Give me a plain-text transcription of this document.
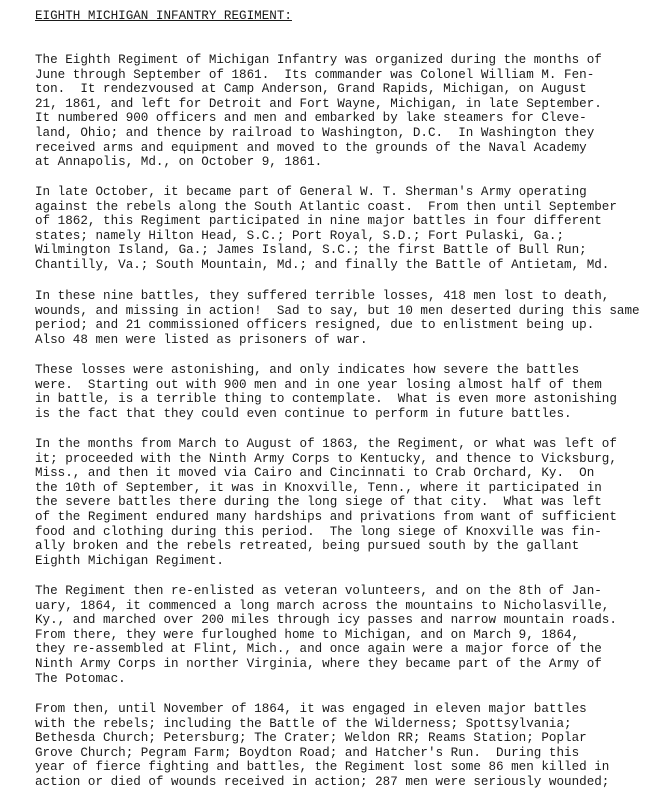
EIGHTH MICHIGAN INFANTRY REGIMENT:
The Eighth Regiment of Michigan Infantry was organized during the months of
June through September of 1861.  Its commander was Colonel William M. Fen-
ton.  It rendezvoused at Camp Anderson, Grand Rapids, Michigan, on August
21, 1861, and left for Detroit and Fort Wayne, Michigan, in late September.
It numbered 900 officers and men and embarked by lake steamers for Cleve-
land, Ohio; and thence by railroad to Washington, D.C.  In Washington they
received arms and equipment and moved to the grounds of the Naval Academy
at Annapolis, Md., on October 9, 1861.
In late October, it became part of General W. T. Sherman's Army operating
against the rebels along the South Atlantic coast.  From then until September
of 1862, this Regiment participated in nine major battles in four different
states; namely Hilton Head, S.C.; Port Royal, S.D.; Fort Pulaski, Ga.;
Wilmington Island, Ga.; James Island, S.C.; the first Battle of Bull Run;
Chantilly, Va.; South Mountain, Md.; and finally the Battle of Antietam, Md.
In these nine battles, they suffered terrible losses, 418 men lost to death,
wounds, and missing in action!  Sad to say, but 10 men deserted during this same
period; and 21 commissioned officers resigned, due to enlistment being up.
Also 48 men were listed as prisoners of war.
These losses were astonishing, and only indicates how severe the battles
were.  Starting out with 900 men and in one year losing almost half of them
in battle, is a terrible thing to contemplate.  What is even more astonishing
is the fact that they could even continue to perform in future battles.
In the months from March to August of 1863, the Regiment, or what was left of
it; proceeded with the Ninth Army Corps to Kentucky, and thence to Vicksburg,
Miss., and then it moved via Cairo and Cincinnati to Crab Orchard, Ky.  On
the 10th of September, it was in Knoxville, Tenn., where it participated in
the severe battles there during the long siege of that city.  What was left
of the Regiment endured many hardships and privations from want of sufficient
food and clothing during this period.  The long siege of Knoxville was fin-
ally broken and the rebels retreated, being pursued south by the gallant
Eighth Michigan Regiment.
The Regiment then re-enlisted as veteran volunteers, and on the 8th of Jan-
uary, 1864, it commenced a long march across the mountains to Nicholasville,
Ky., and marched over 200 miles through icy passes and narrow mountain roads.
From there, they were furloughed home to Michigan, and on March 9, 1864,
they re-assembled at Flint, Mich., and once again were a major force of the
Ninth Army Corps in norther Virginia, where they became part of the Army of
The Potomac.
From then, until November of 1864, it was engaged in eleven major battles
with the rebels; including the Battle of the Wilderness; Spottsylvania;
Bethesda Church; Petersburg; The Crater; Weldon RR; Reams Station; Poplar
Grove Church; Pegram Farm; Boydton Road; and Hatcher's Run.  During this
year of fierce fighting and battles, the Regiment lost some 86 men killed in
action or died of wounds received in action; 287 men were seriously wounded;
